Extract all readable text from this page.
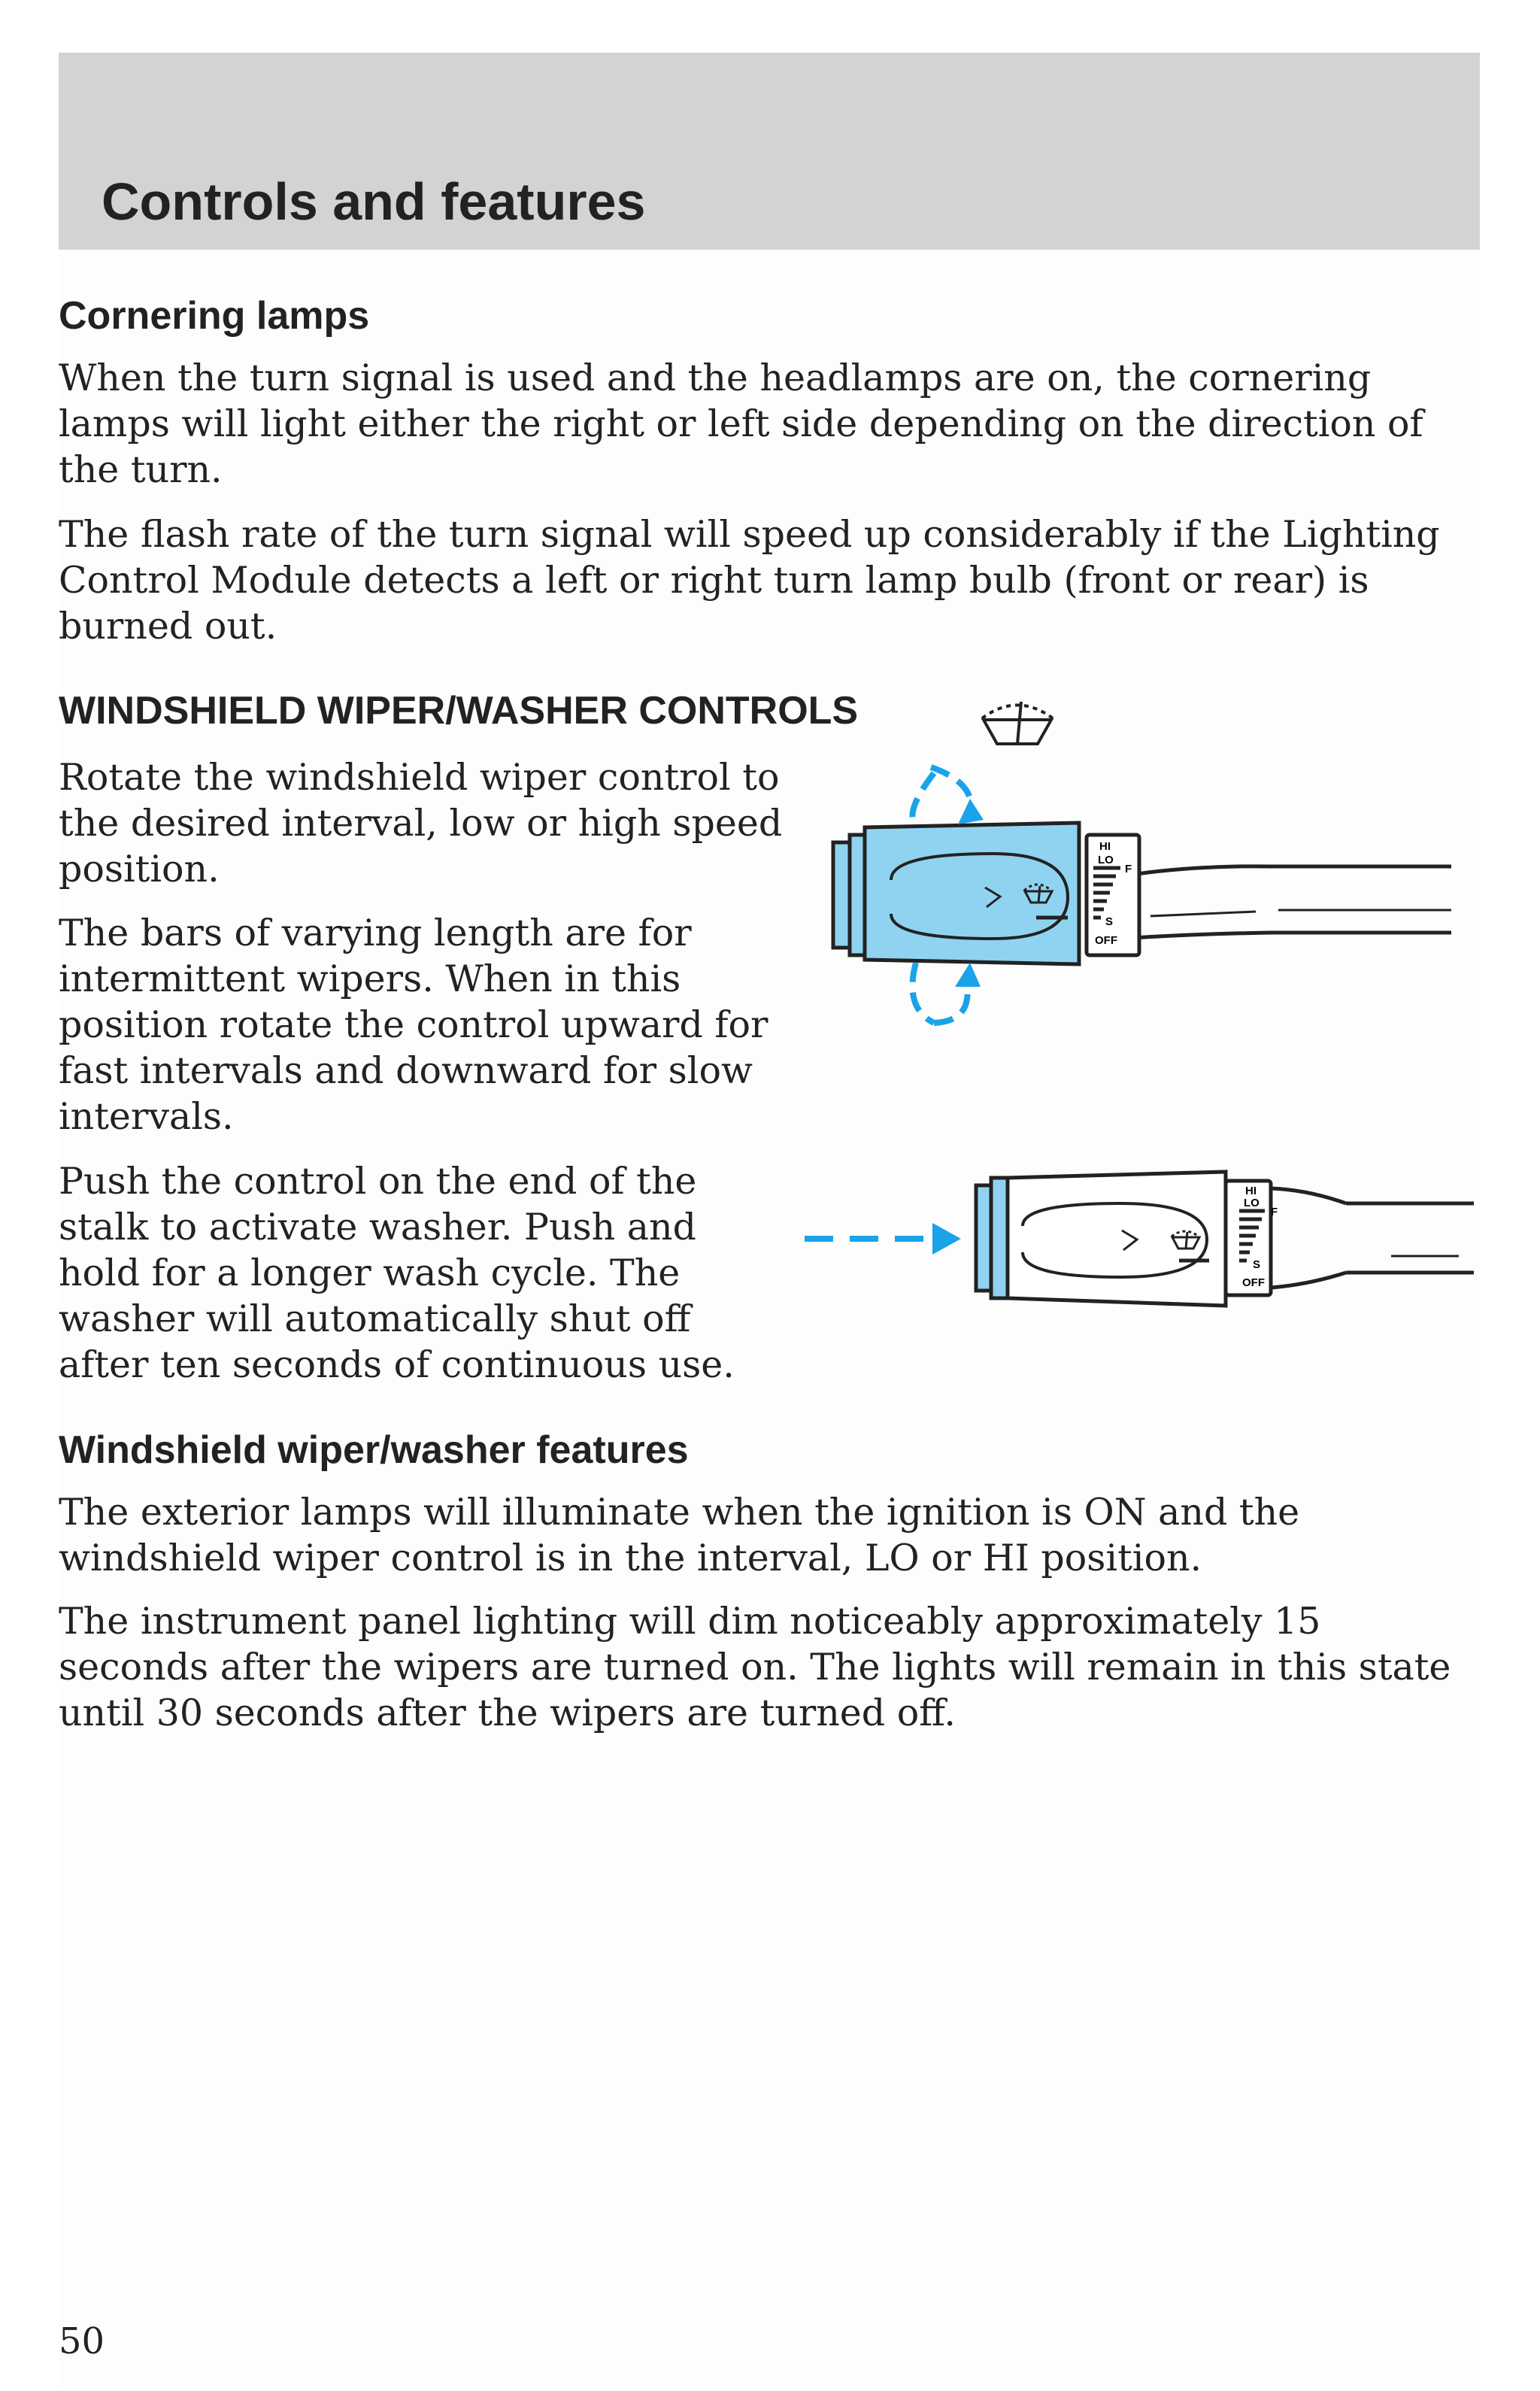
Controls and features
Cornering lamps

When the turn signal is used and the headlamps are on, the cornering lamps will light either the right or left side depending on the direction of the turn.

The flash rate of the turn signal will speed up considerably if the Lighting Control Module detects a left or right turn lamp bulb (front or rear) is burned out.

WINDSHIELD WIPER/WASHER CONTROLS

Rotate the windshield wiper control to the desired interval, low or high speed position.

The bars of varying length are for intermittent wipers. When in this position rotate the control upward for fast intervals and downward for slow intervals.

Push the control on the end of the stalk to activate washer. Push and hold for a longer wash cycle. The washer will automatically shut off after ten seconds of continuous use.

HI
LO
F
S
OFF
HI
LO
F
S
OFF
Windshield wiper/washer features

The exterior lamps will illuminate when the ignition is ON and the windshield wiper control is in the interval, LO or HI position.

The instrument panel lighting will dim noticeably approximately 15 seconds after the wipers are turned on. The lights will remain in this state until 30 seconds after the wipers are turned off.

50
